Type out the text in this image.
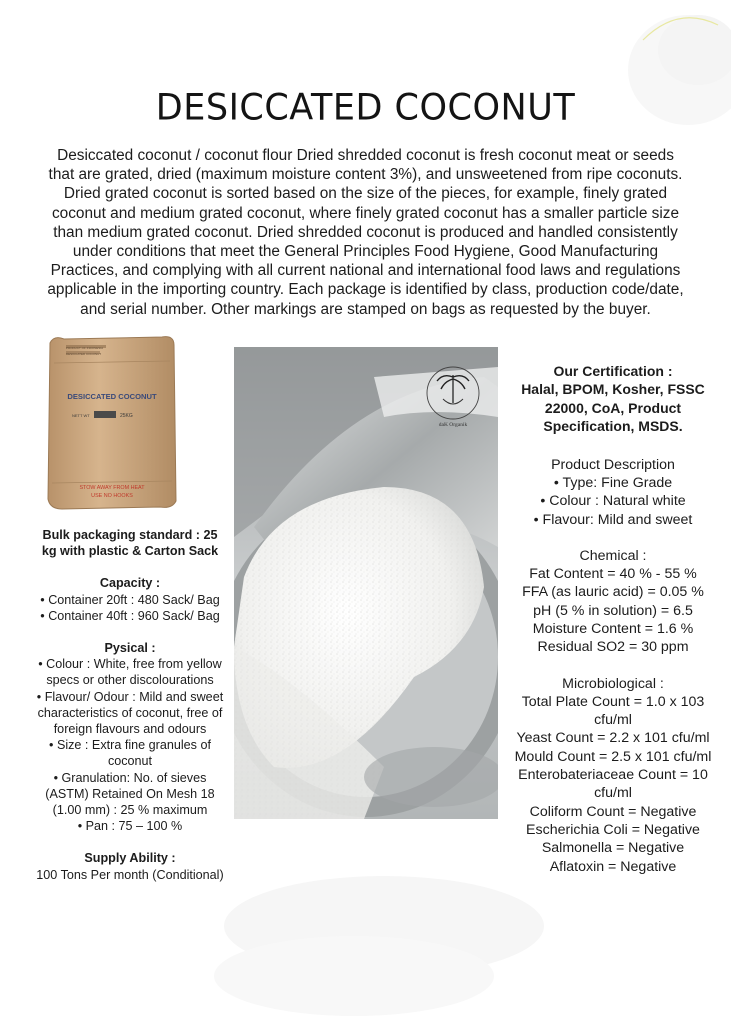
DESICCATED COCONUT

Desiccated coconut / coconut flour Dried shredded coconut is fresh coconut meat or seeds that are grated, dried (maximum moisture content 3%), and unsweetened from ripe coconuts. Dried grated coconut is sorted based on the size of the pieces, for example, finely grated coconut and medium grated coconut, where finely grated coconut has a smaller particle size than medium grated coconut. Dried shredded coconut is produced and handled consistently under conditions that meet the General Principles Food Hygiene, Good Manufacturing Practices, and complying with all current national and international food laws and regulations applicable in the importing country. Each package is identified by class, production code/date, and serial number. Other markings are stamped on bags as requested by the buyer.

PRODUCT OF INDONESIA
DESICCATED COCONUT
DESICCATED COCONUT
NETT WT	25KG
STOW AWAY FROM HEAT
USE NO HOOKS
daK Organik
Bulk packaging standard : 25 kg with plastic & Carton Sack
Capacity :
• Container 20ft : 480 Sack/ Bag
• Container 40ft : 960 Sack/ Bag
Pysical :
• Colour : White, free from yellow specs or other discolourations
• Flavour/ Odour : Mild and sweet characteristics of coconut, free of foreign flavours and odours
• Size : Extra fine granules of coconut
• Granulation: No. of sieves (ASTM) Retained On Mesh 18 (1.00 mm) : 25 % maximum
• Pan : 75 – 100 %
Supply Ability :
100 Tons Per month (Conditional)
Our Certification :
Halal, BPOM, Kosher, FSSC 22000, CoA, Product Specification, MSDS.
Product Description
• Type: Fine Grade
• Colour : Natural white
• Flavour: Mild and sweet
Chemical :
Fat Content = 40 % - 55 %
FFA (as lauric acid) = 0.05 %
pH (5 % in solution) = 6.5
Moisture Content = 1.6 %
Residual SO2 = 30 ppm
Microbiological :
Total Plate Count = 1.0 x 103 cfu/ml
Yeast Count = 2.2 x 101 cfu/ml
Mould Count = 2.5 x 101 cfu/ml
Enterobateriaceae Count = 10 cfu/ml
Coliform Count = Negative
Escherichia Coli = Negative
Salmonella = Negative
Aflatoxin = Negative
